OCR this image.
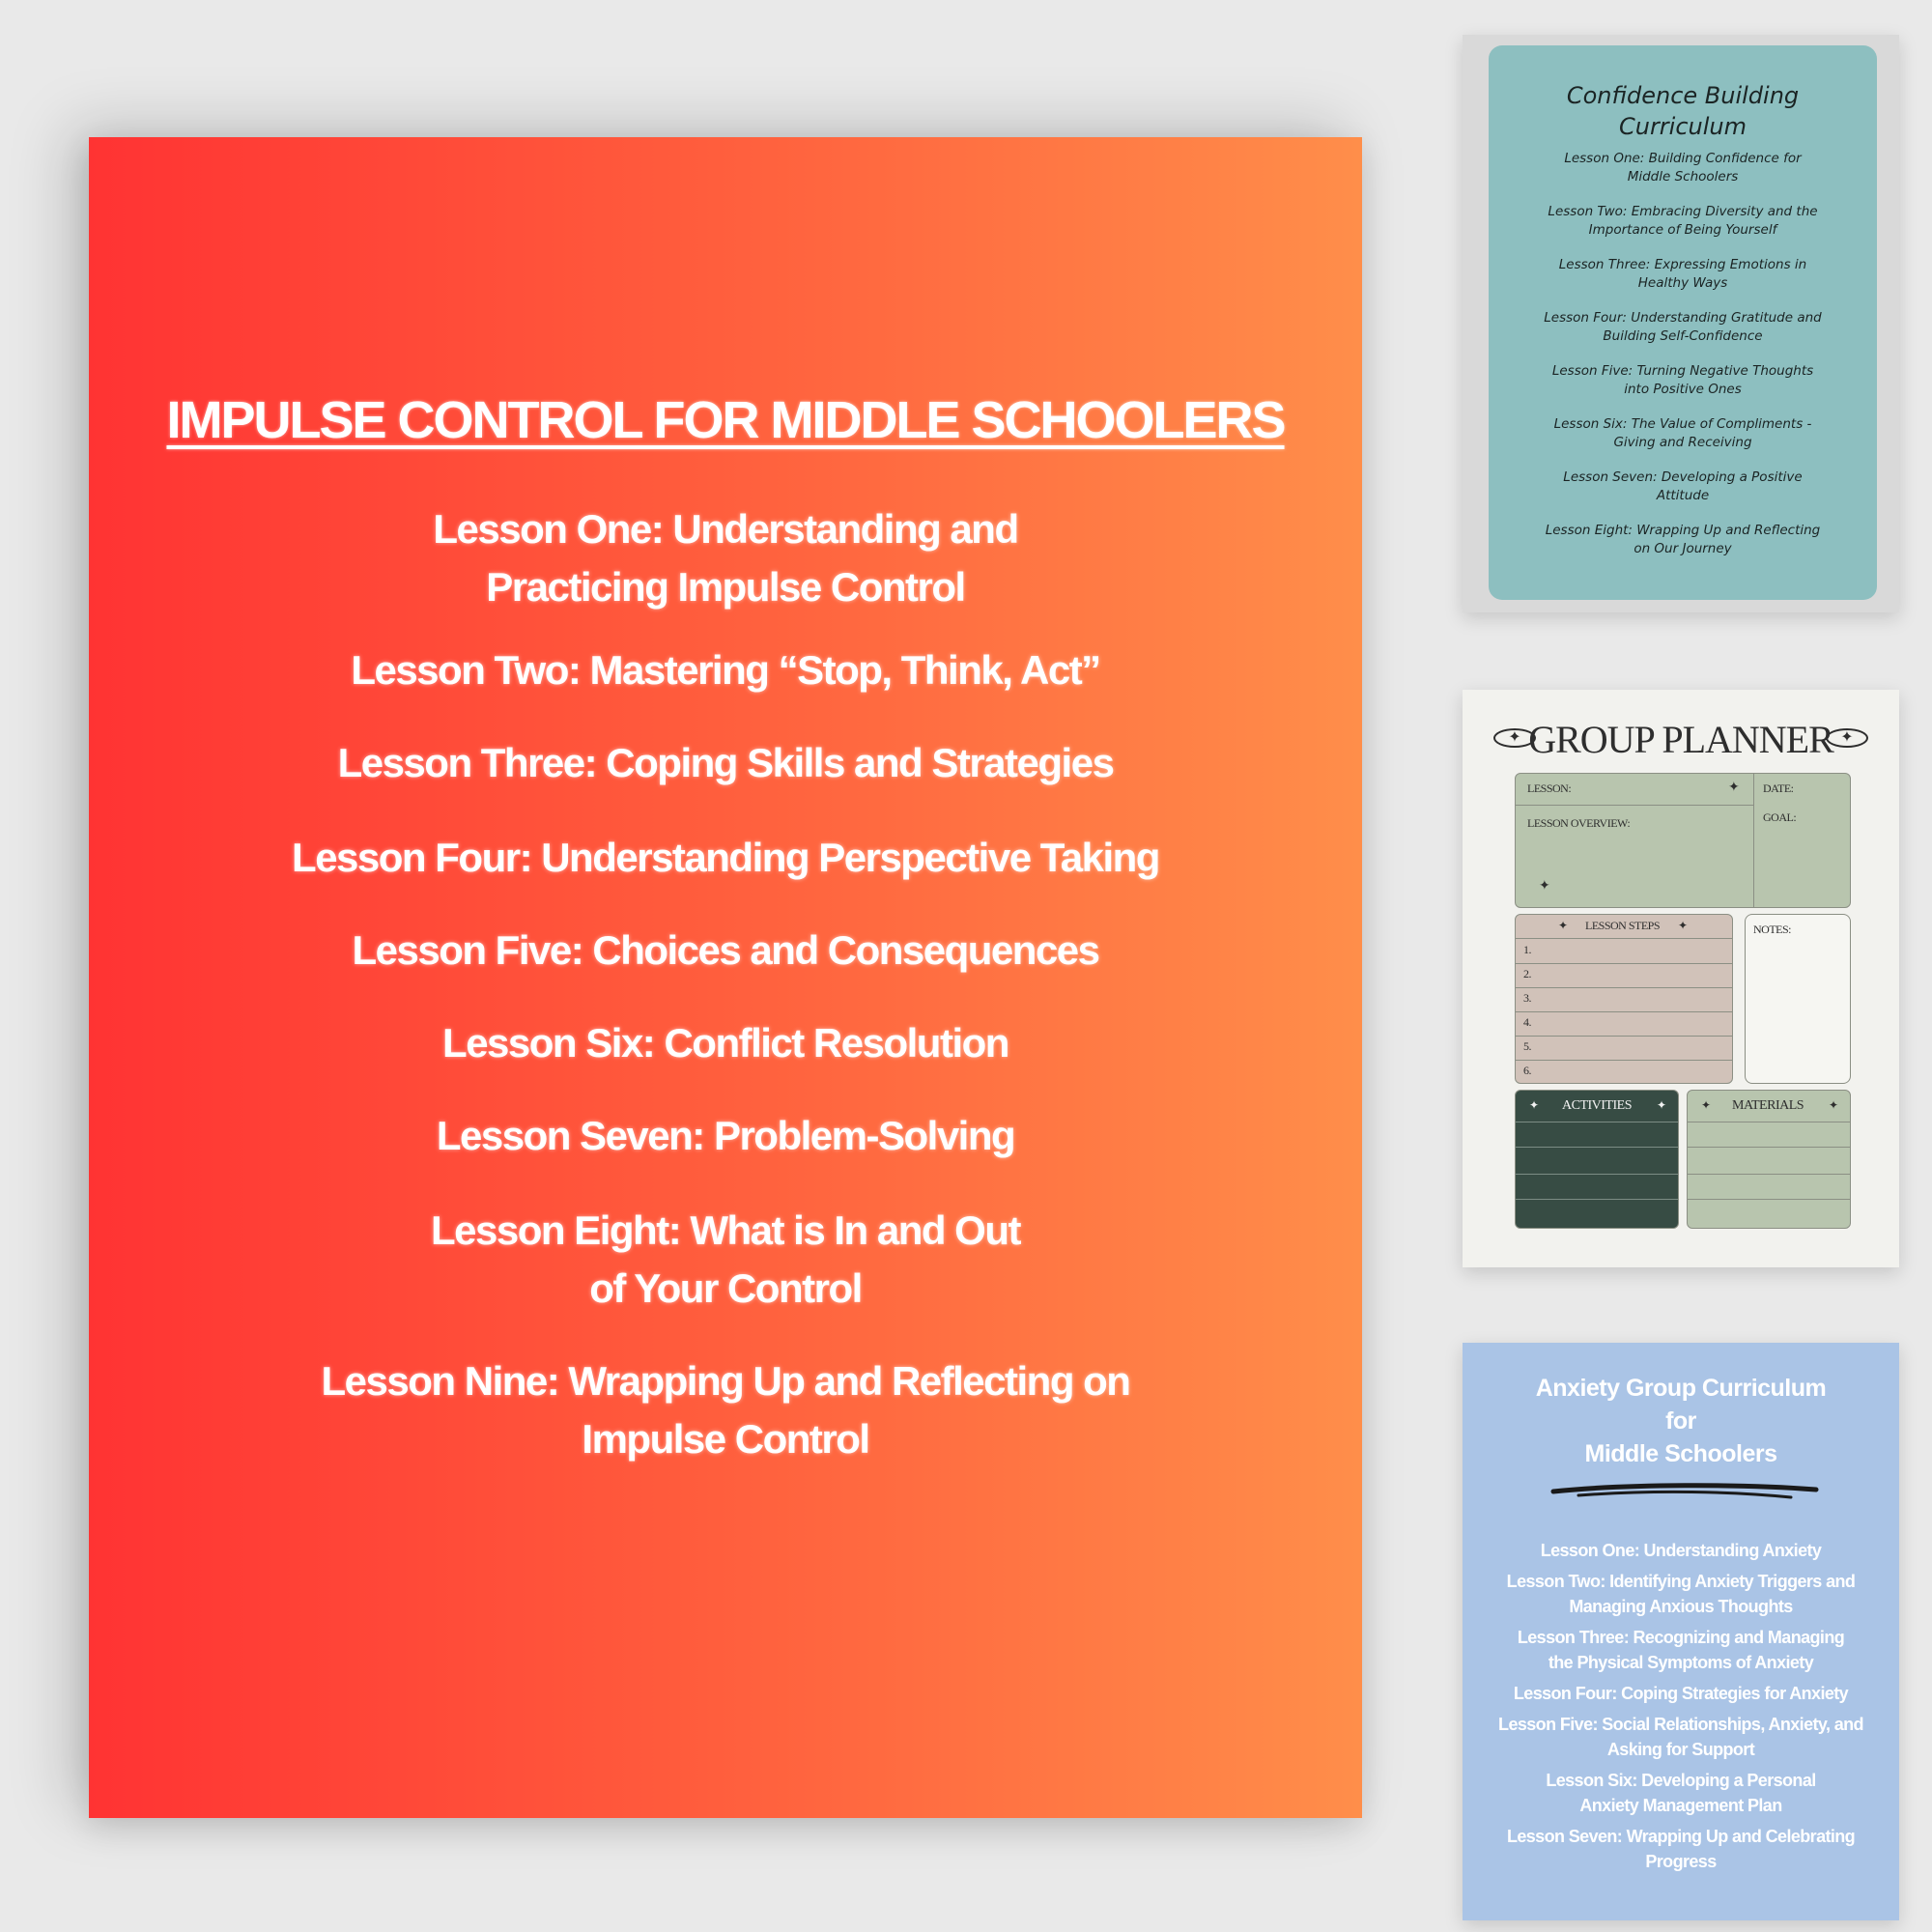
IMPULSE CONTROL FOR MIDDLE SCHOOLERS
Lesson One: Understanding and
Practicing Impulse Control
Lesson Two: Mastering “Stop, Think, Act”
Lesson Three: Coping Skills and Strategies
Lesson Four: Understanding Perspective Taking
Lesson Five: Choices and Consequences
Lesson Six: Conflict Resolution
Lesson Seven: Problem-Solving
Lesson Eight: What is In and Out
of Your Control
Lesson Nine: Wrapping Up and Reflecting on
Impulse Control
Confidence Building
Curriculum
Lesson One: Building Confidence for
Middle Schoolers
Lesson Two: Embracing Diversity and the
Importance of Being Yourself
Lesson Three: Expressing Emotions in
Healthy Ways
Lesson Four: Understanding Gratitude and
Building Self-Confidence
Lesson Five: Turning Negative Thoughts
into Positive Ones
Lesson Six: The Value of Compliments -
Giving and Receiving
Lesson Seven: Developing a Positive
Attitude
Lesson Eight: Wrapping Up and Reflecting
on Our Journey
✦ GROUP PLANNER ✦
LESSON:	✦ DATE:
LESSON OVERVIEW:	GOAL:
✦
✦ LESSON STEPS ✦
1.
2.
3.
4.
5.
6.
NOTES:
✦ ACTIVITIES ✦	✦ MATERIALS ✦
Anxiety Group Curriculum
for
Middle Schoolers
Lesson One: Understanding Anxiety
Lesson Two: Identifying Anxiety Triggers and
Managing Anxious Thoughts
Lesson Three: Recognizing and Managing
the Physical Symptoms of Anxiety
Lesson Four: Coping Strategies for Anxiety
Lesson Five: Social Relationships, Anxiety, and
Asking for Support
Lesson Six: Developing a Personal
Anxiety Management Plan
Lesson Seven: Wrapping Up and Celebrating
Progress
